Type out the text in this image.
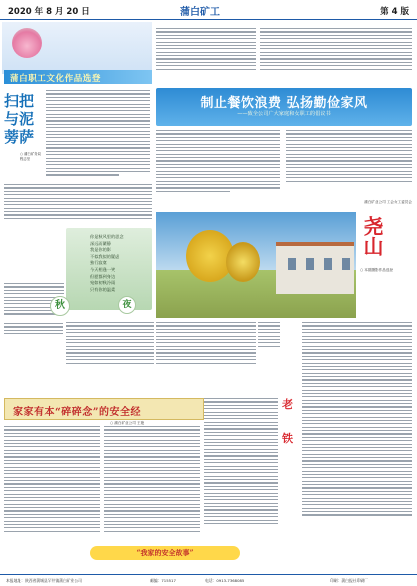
2020 年 8 月 20 日	蒲白矿工	第 4 版
蒲白职工文化作品选登
扫把与泥蒡萨
○ 蒲白矿务局 程志坚
你是秋风里的思念
深远而繁静
我是你的影
不似我拟的疑虑
独行寂寞
今天相逢一笑
但愿都到身边
宛如初秋冷雨
只有你的温柔
秋	夜
制止餐饮浪费 弘扬勤俭家风
——致全公司广大家庭和女职工的倡议书
蒲白矿业公司 工会女工委员会
尧山
○ 本期摄影作品选登
老
铁
家家有本“碎碎念”的安全经
○ 蒲白矿业公司 王艳
“我家的安全故事”
本报地址：陕西省蒲城县罕井镇蒲白矿业公司	邮编：715517	电话：0913-7368085	印刷：蒲白报社印刷厂
